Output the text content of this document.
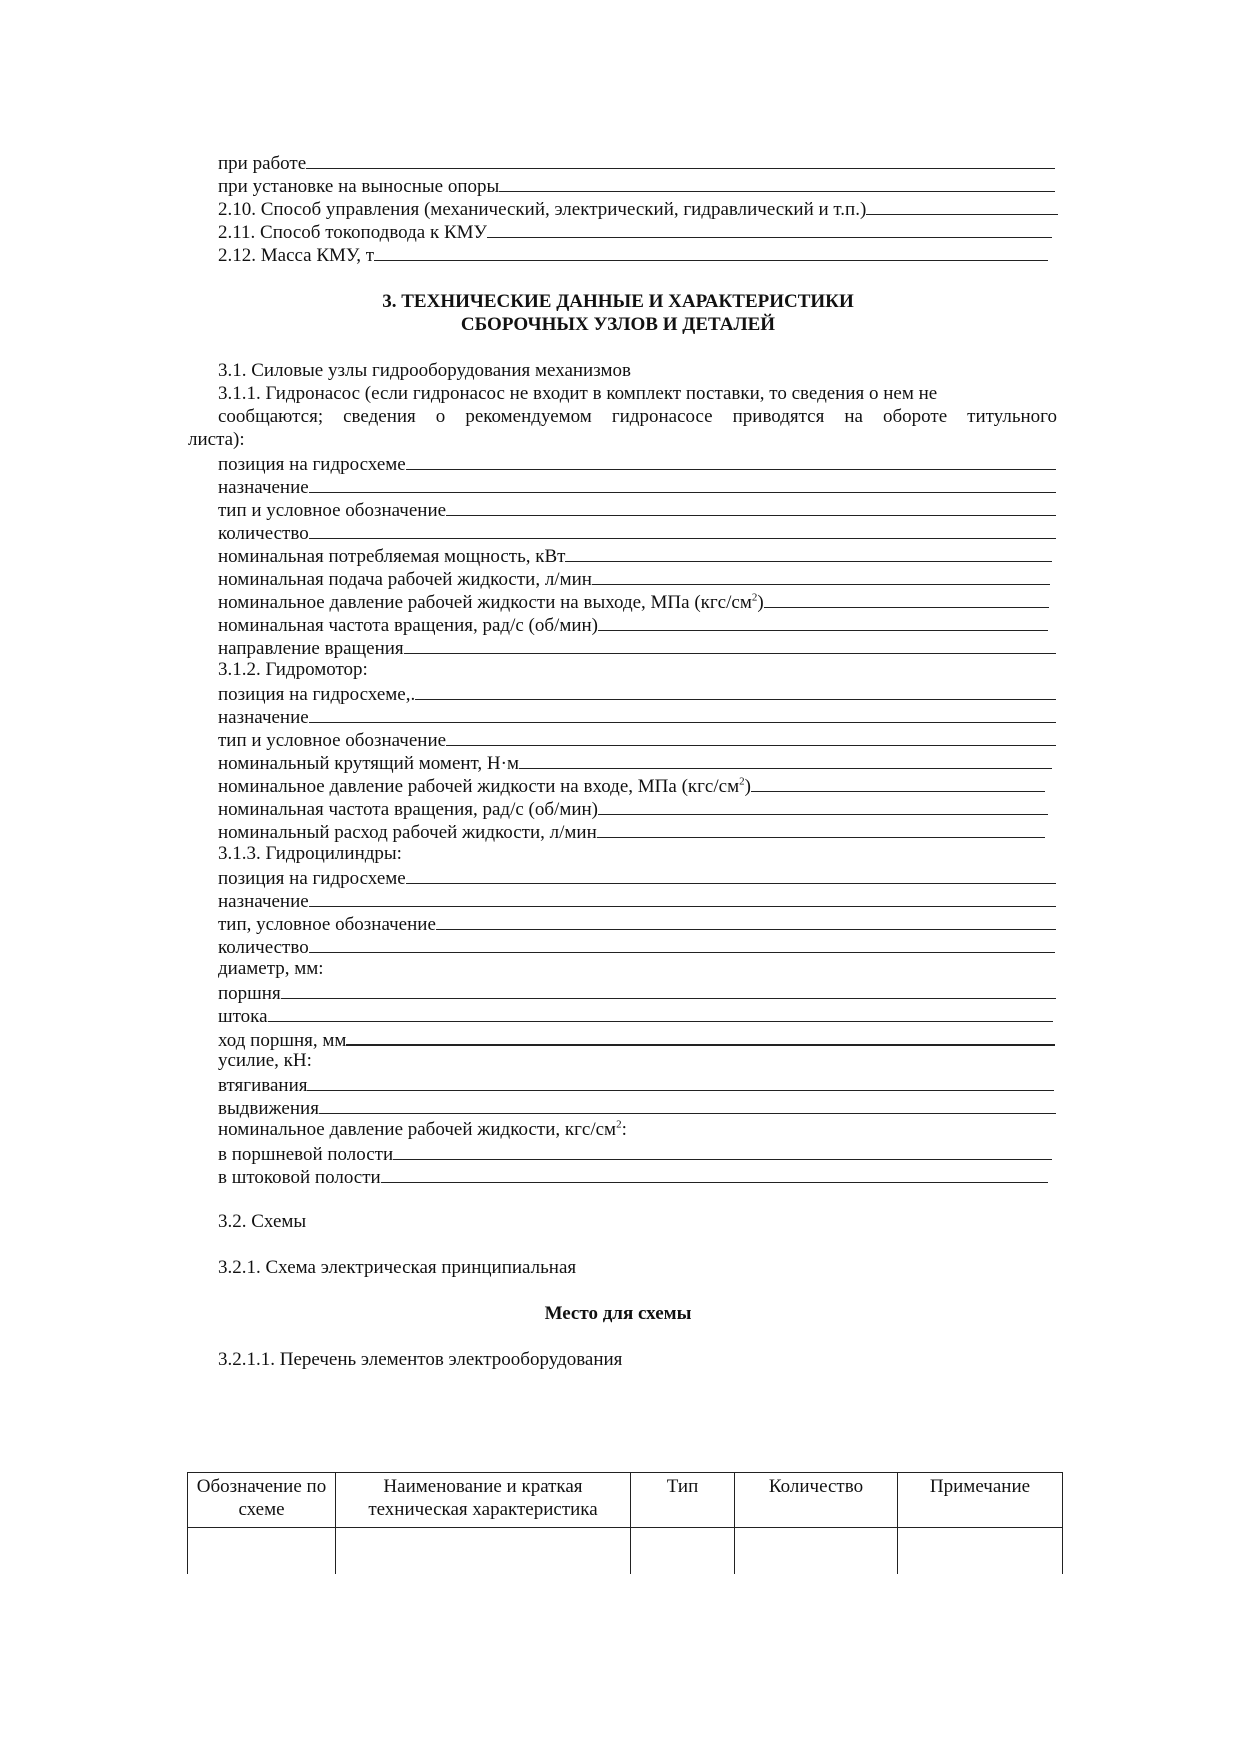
при работе
при установке на выносные опоры
2.10. Способ управления (механический, электрический, гидравлический и т.п.)
2.11. Способ токоподвода к КМУ
2.12. Масса КМУ, т
3. ТЕХНИЧЕСКИЕ ДАННЫЕ И ХАРАКТЕРИСТИКИ
СБОРОЧНЫХ УЗЛОВ И ДЕТАЛЕЙ
3.1. Силовые узлы гидрооборудования механизмов
3.1.1. Гидронасос (если гидронасос не входит в комплект поставки, то сведения о нем не
сообщаются; сведения о рекомендуемом гидронасосе приводятся на обороте титульного
листа):
позиция на гидросхеме
назначение
тип и условное обозначение
количество
номинальная потребляемая мощность, кВт
номинальная подача рабочей жидкости, л/мин
номинальное давление рабочей жидкости на выходе, МПа $(кгс/см^2)$
номинальная частота вращения, рад/с (об/мин)
направление вращения
3.1.2. Гидромотор:
позиция на гидросхеме,.
назначение
тип и условное обозначение
номинальный крутящий момент, Н·м
номинальное давление рабочей жидкости на входе, МПа $(кгс/см^2)$
номинальная частота вращения, рад/с (об/мин)
номинальный расход рабочей жидкости, л/мин
3.1.3. Гидроцилиндры:
позиция на гидросхеме
назначение
тип, условное обозначение
количество
диаметр, мм:
поршня
штока
ход поршня, мм
усилие, кН:
втягивания
выдвижения
номинальное давление рабочей жидкости, кгс/$см^2$:
в поршневой полости
в штоковой полости
3.2. Схемы
3.2.1. Схема электрическая принципиальная
Место для схемы
3.2.1.1. Перечень элементов электрооборудования
Обозначение по схеме	Наименование и краткая техническая характеристика	Тип	Количество	Примечание
